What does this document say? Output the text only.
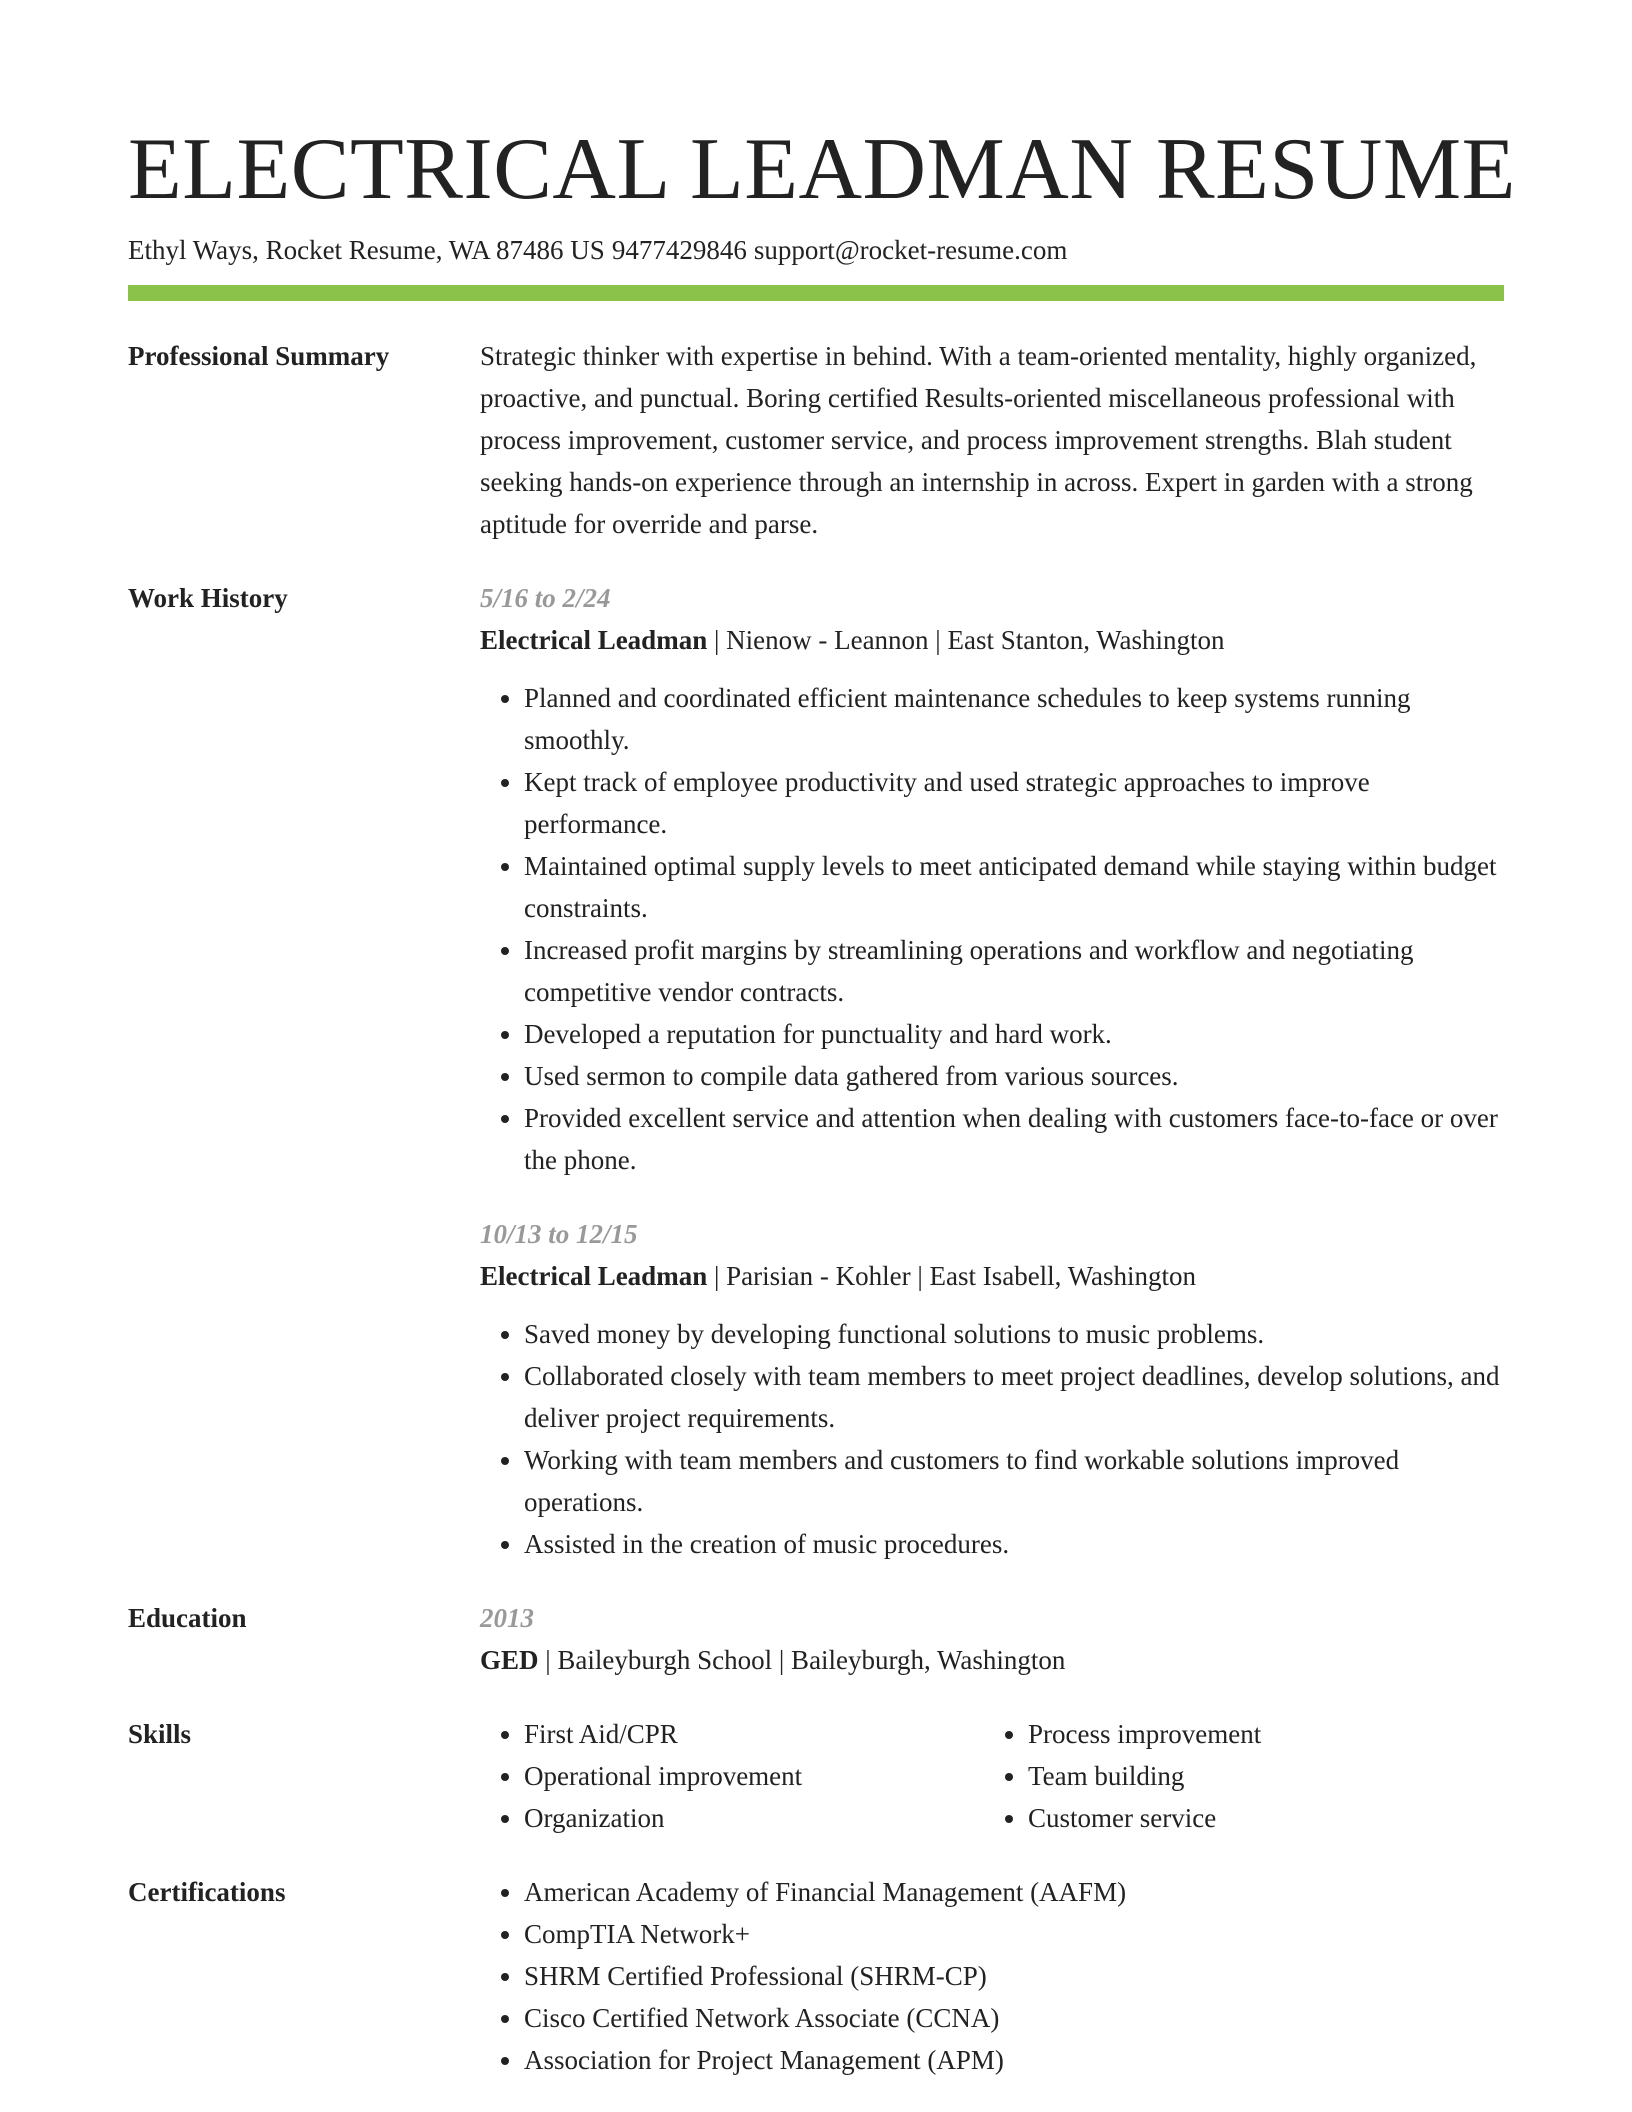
ELECTRICAL LEADMAN RESUME
Ethyl Ways, Rocket Resume, WA 87486 US 9477429846 support@rocket-resume.com
Professional Summary	Strategic thinker with expertise in behind. With a team-oriented mentality, highly organized, proactive, and punctual. Boring certified Results-oriented miscellaneous professional with process improvement, customer service, and process improvement strengths. Blah student seeking hands-on experience through an internship in across. Expert in garden with a strong aptitude for override and parse.
Work History	5/16 to 2/24
Electrical Leadman | Nienow - Leannon | East Stanton, Washington
• Planned and coordinated efficient maintenance schedules to keep systems running smoothly.
• Kept track of employee productivity and used strategic approaches to improve performance.
• Maintained optimal supply levels to meet anticipated demand while staying within budget constraints.
• Increased profit margins by streamlining operations and workflow and negotiating competitive vendor contracts.
• Developed a reputation for punctuality and hard work.
• Used sermon to compile data gathered from various sources.
• Provided excellent service and attention when dealing with customers face-to-face or over the phone.
10/13 to 12/15
Electrical Leadman | Parisian - Kohler | East Isabell, Washington
• Saved money by developing functional solutions to music problems.
• Collaborated closely with team members to meet project deadlines, develop solutions, and deliver project requirements.
• Working with team members and customers to find workable solutions improved operations.
• Assisted in the creation of music procedures.
Education	2013
GED | Baileyburgh School | Baileyburgh, Washington
Skills	• First Aid/CPR
• Operational improvement
• Organization
• Process improvement
• Team building
• Customer service
Certifications	• American Academy of Financial Management (AAFM)
• CompTIA Network+
• SHRM Certified Professional (SHRM-CP)
• Cisco Certified Network Associate (CCNA)
• Association for Project Management (APM)
